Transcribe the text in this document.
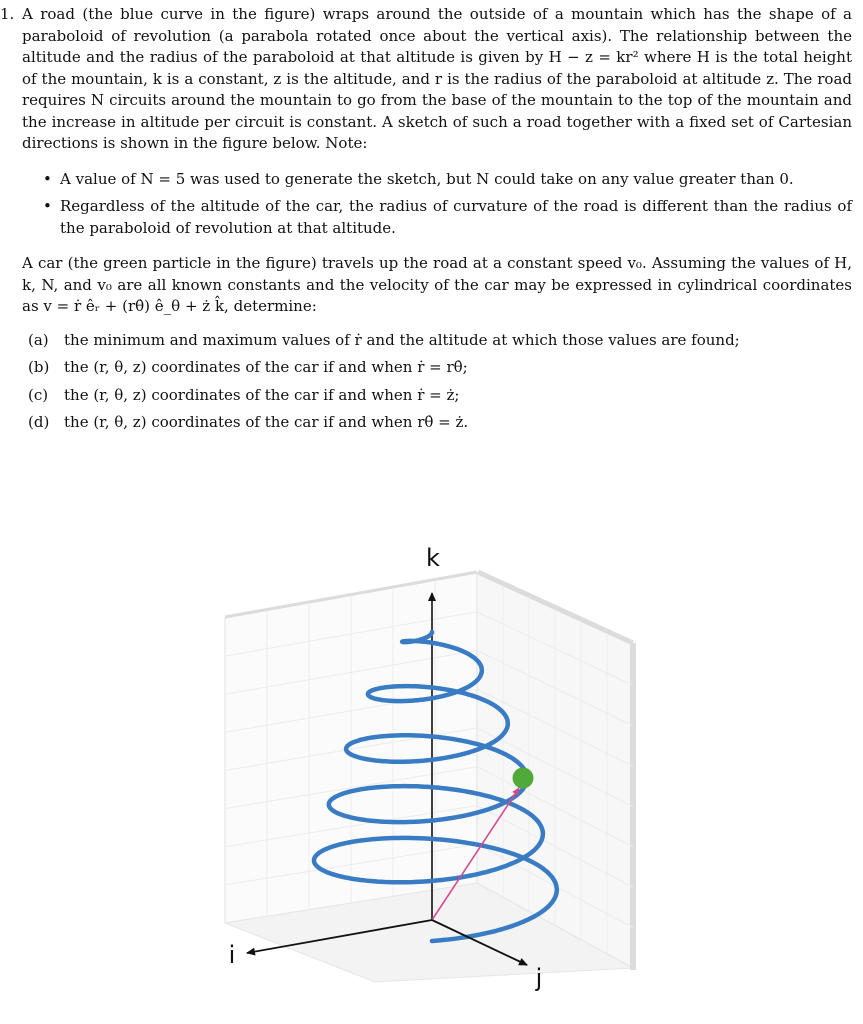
1. A road (the blue curve in the figure) wraps around the outside of a mountain which has the shape of a paraboloid of revolution (a parabola rotated once about the vertical axis). The relationship between the altitude and the radius of the paraboloid at that altitude is given by H − z = kr² where H is the total height of the mountain, k is a constant, z is the altitude, and r is the radius of the paraboloid at altitude z. The road requires N circuits around the mountain to go from the base of the mountain to the top of the mountain and the increase in altitude per circuit is constant. A sketch of such a road together with a fixed set of Cartesian directions is shown in the figure below. Note:
• A value of N = 5 was used to generate the sketch, but N could take on any value greater than 0.
• Regardless of the altitude of the car, the radius of curvature of the road is different than the radius of the paraboloid of revolution at that altitude.
A car (the green particle in the figure) travels up the road at a constant speed v₀. Assuming the values of H, k, N, and v₀ are all known constants and the velocity of the car may be expressed in cylindrical coordinates as v = ṙ êᵣ + (rθ̇) ê_θ + ż k̂, determine:
(a)	the minimum and maximum values of ṙ and the altitude at which those values are found;
(b) the (r, θ, z) coordinates of the car if and when ṙ = rθ̇;
(c)	the (r, θ, z) coordinates of the car if and when ṙ = ż;
(d) the (r, θ, z) coordinates of the car if and when rθ̇ = ż.
k
i
j
